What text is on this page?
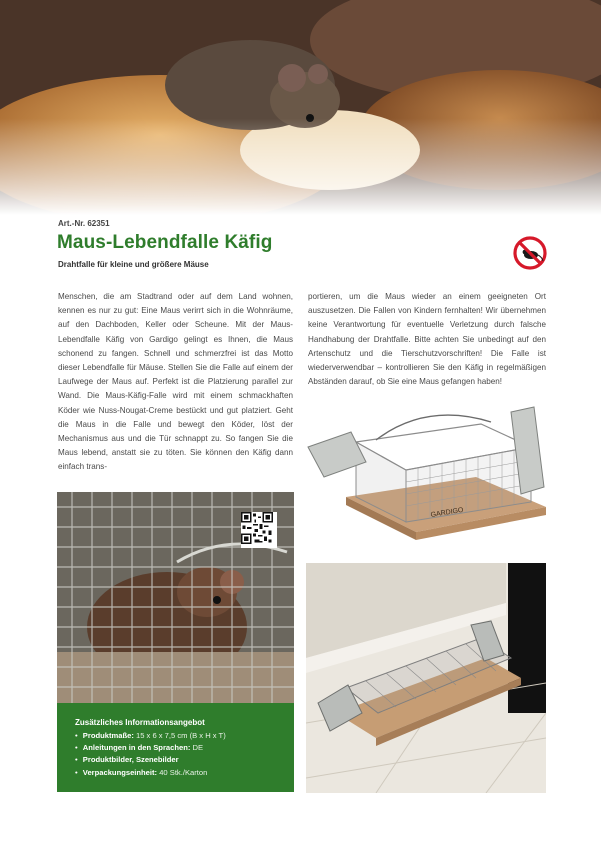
Art.-Nr. 62351
Maus-Lebendfalle Käfig
Drahtfalle für kleine und größere Mäuse
Menschen, die am Stadtrand oder auf dem Land wohnen, kennen es nur zu gut: Eine Maus verirrt sich in die Wohnräume, auf den Dachboden, Keller oder Scheune. Mit der Maus-Lebendfalle Käfig von Gardigo gelingt es Ihnen, die Maus schonend zu fangen. Schnell und schmerzfrei ist das Motto dieser Lebendfalle für Mäuse. Stellen Sie die Falle auf einem der Laufwege der Maus auf. Perfekt ist die Platzierung parallel zur Wand. Die Maus-Käfig-Falle wird mit einem schmackhaften Köder wie Nuss-Nougat-Creme bestückt und gut platziert. Geht die Maus in die Falle und bewegt den Köder, löst der Mechanismus aus und die Tür schnappt zu. So fangen Sie die Maus lebend, anstatt sie zu töten. Sie können den Käfig dann einfach trans-
portieren, um die Maus wieder an einem geeigneten Ort auszusetzen. Die Fallen von Kindern fernhalten! Wir übernehmen keine Verantwortung für eventuelle Verletzung durch falsche Handhabung der Drahtfalle. Bitte achten Sie unbedingt auf den Artenschutz und die Tierschutzvorschriften! Die Falle ist wiederverwendbar – kontrollieren Sie den Käfig in regelmäßigen Abständen darauf, ob Sie eine Maus gefangen haben!
GARDIGO
Zusätzliches Informationsangebot
• Produktmaße: 15 x 6 x 7,5 cm (B x H x T)
• Anleitungen in den Sprachen: DE
• Produktbilder, Szenebilder
• Verpackungseinheit: 40 Stk./Karton
